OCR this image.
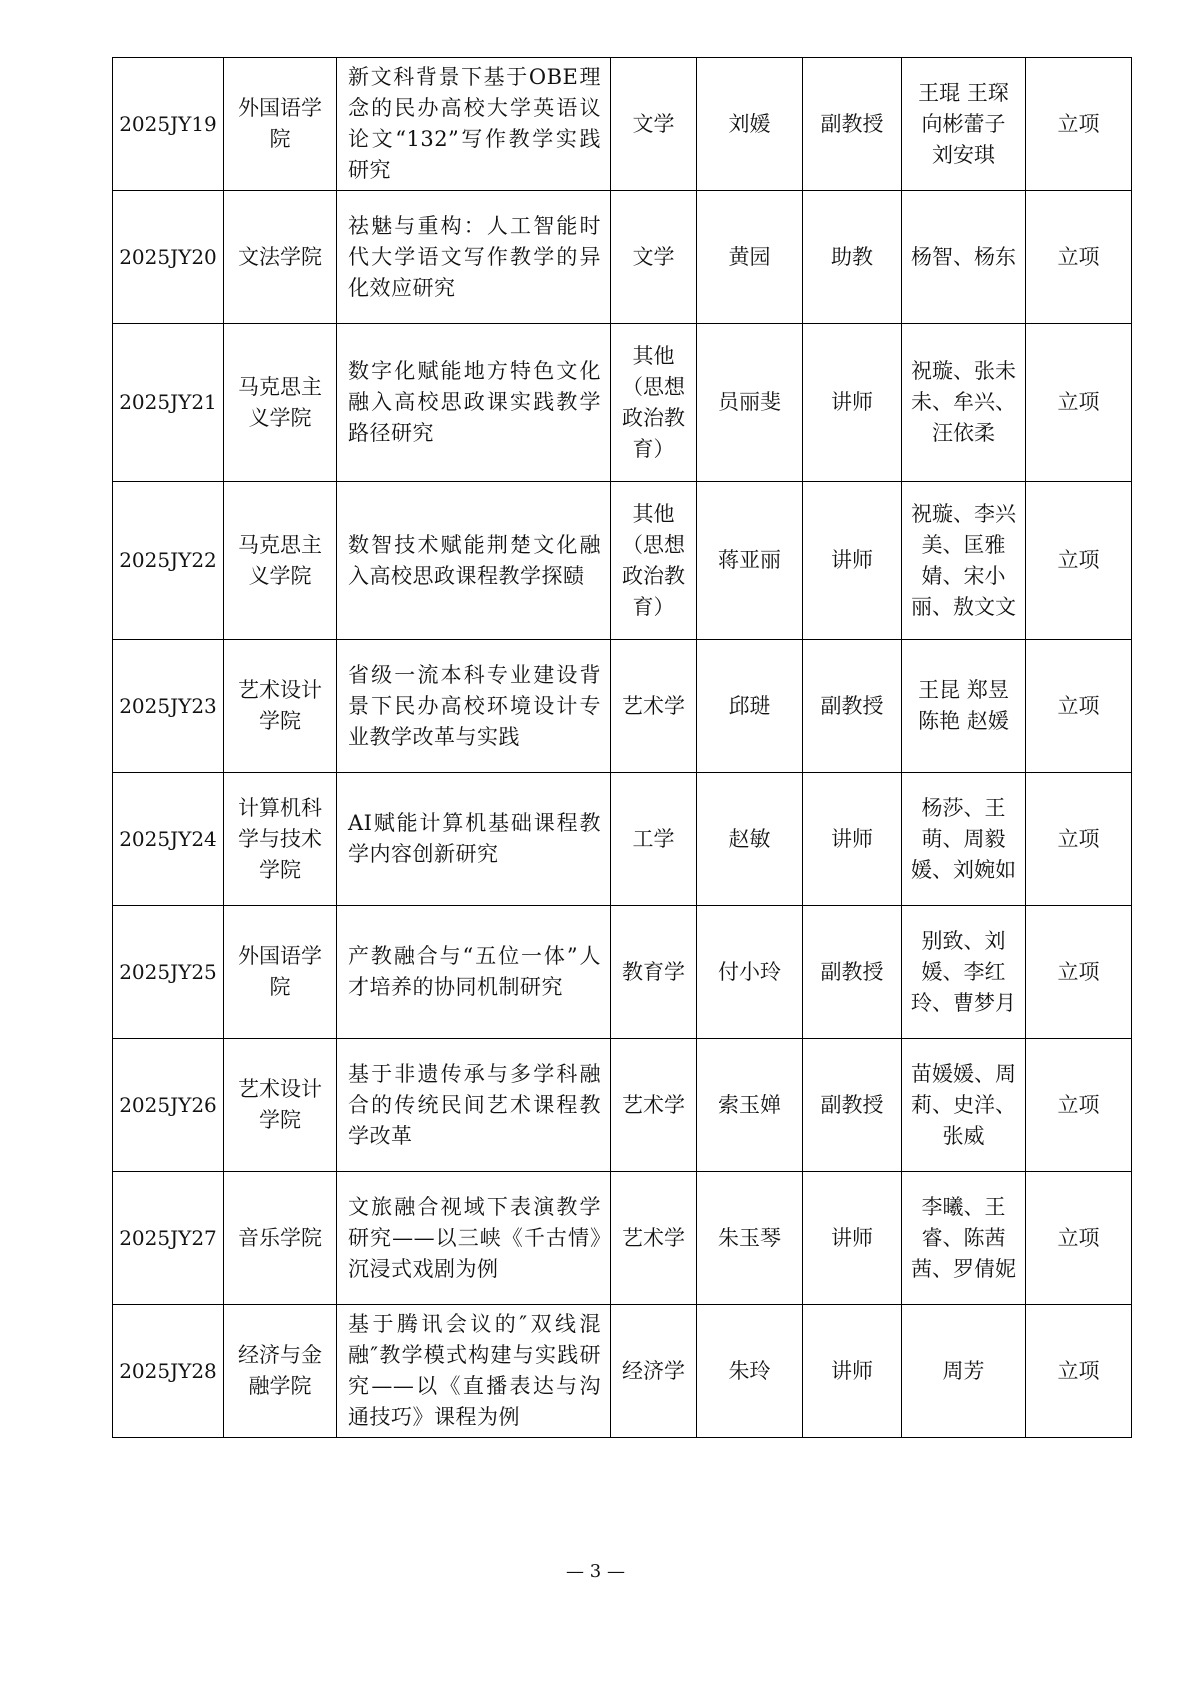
2025JY19	外国语学院	新文科背景下基于OBE理念的民办高校大学英语议论文“132”写作教学实践研究	文学	刘媛	副教授	王琨 王琛 向彬蕾子 刘安琪	立项
2025JY20	文法学院	祛魅与重构：人工智能时代大学语文写作教学的异化效应研究	文学	黄园	助教	杨智、杨东	立项
2025JY21	马克思主义学院	数字化赋能地方特色文化融入高校思政课实践教学路径研究	其他（思想政治教育）	员丽斐	讲师	祝璇、张未未、牟兴、汪依柔	立项
2025JY22	马克思主义学院	数智技术赋能荆楚文化融入高校思政课程教学探赜	其他（思想政治教育）	蒋亚丽	讲师	祝璇、李兴美、匡雅婧、宋小丽、敖文文	立项
2025JY23	艺术设计学院	省级一流本科专业建设背景下民办高校环境设计专业教学改革与实践	艺术学	邱琎	副教授	王昆 郑昱 陈艳 赵媛	立项
2025JY24	计算机科学与技术学院	AI赋能计算机基础课程教学内容创新研究	工学	赵敏	讲师	杨莎、王萌、周毅媛、刘婉如	立项
2025JY25	外国语学院	产教融合与“五位一体”人才培养的协同机制研究	教育学	付小玲	副教授	别致、刘媛、李红玲、曹梦月	立项
2025JY26	艺术设计学院	基于非遗传承与多学科融合的传统民间艺术课程教学改革	艺术学	索玉婵	副教授	苗媛媛、周莉、史洋、张威	立项
2025JY27	音乐学院	文旅融合视域下表演教学研究——以三峡《千古情》沉浸式戏剧为例	艺术学	朱玉琴	讲师	李曦、王睿、陈茜茜、罗倩妮	立项
2025JY28	经济与金融学院	基于腾讯会议的″双线混融″教学模式构建与实践研究——以《直播表达与沟通技巧》课程为例	经济学	朱玲	讲师	周芳	立项
— 3 —
